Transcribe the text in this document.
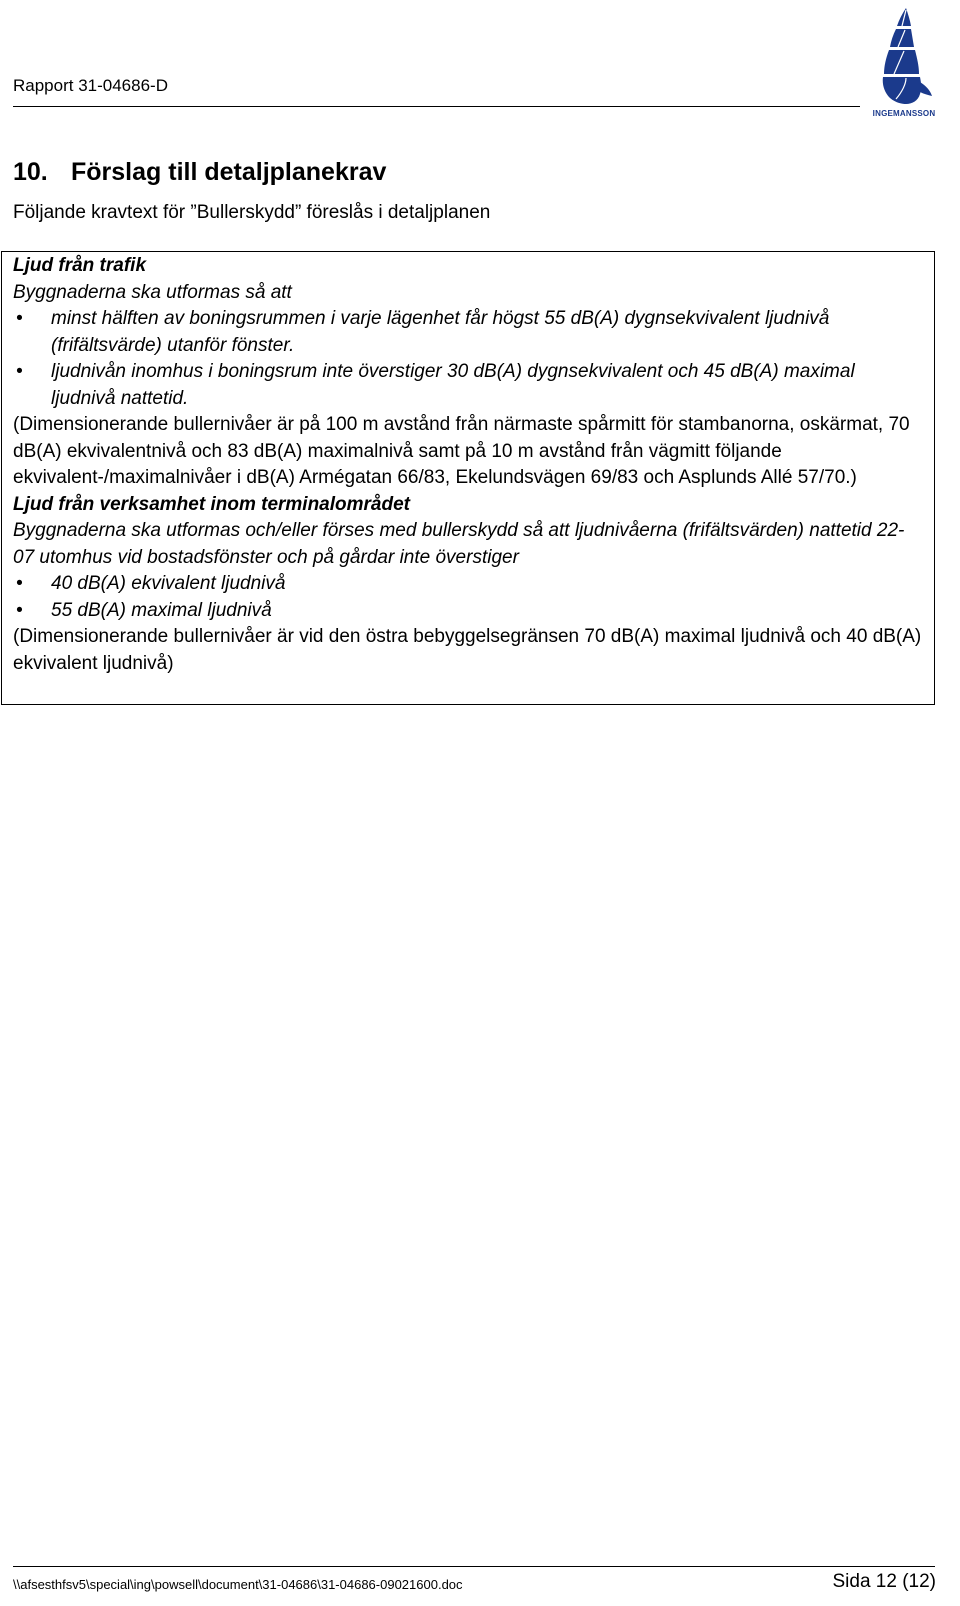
Rapport 31-04686-D
INGEMANSSON
10. Förslag till detaljplanekrav
Följande kravtext för ”Bullerskydd” föreslås i detaljplanen

Ljud från trafik

Byggnaderna ska utformas så att

• minst hälften av boningsrummen i varje lägenhet får högst 55 dB(A) dygnsekvivalent ljudnivå (frifältsvärde) utanför fönster.

• ljudnivån inomhus i boningsrum inte överstiger 30 dB(A) dygnsekvivalent och 45 dB(A) maximal ljudnivå nattetid.

(Dimensionerande bullernivåer är på 100 m avstånd från närmaste spårmitt för stambanorna, oskärmat, 70 dB(A) ekvivalentnivå och 83 dB(A) maximalnivå samt på 10 m avstånd från vägmitt följande ekvivalent-/maximalnivåer i dB(A) Armégatan 66/83, Ekelundsvägen 69/83 och Asplunds Allé 57/70.)

Ljud från verksamhet inom terminalområdet

Byggnaderna ska utformas och/eller förses med bullerskydd så att ljudnivåerna (frifältsvärden) nattetid 22-07 utomhus vid bostadsfönster och på gårdar inte överstiger

• 40 dB(A) ekvivalent ljudnivå

• 55 dB(A) maximal ljudnivå

(Dimensionerande bullernivåer är vid den östra bebyggelsegränsen 70 dB(A) maximal ljudnivå och 40 dB(A) ekvivalent ljudnivå)

\\afsesthfsv5\special\ing\powsell\document\31-04686\31-04686-09021600.doc	Sida 12 (12)
